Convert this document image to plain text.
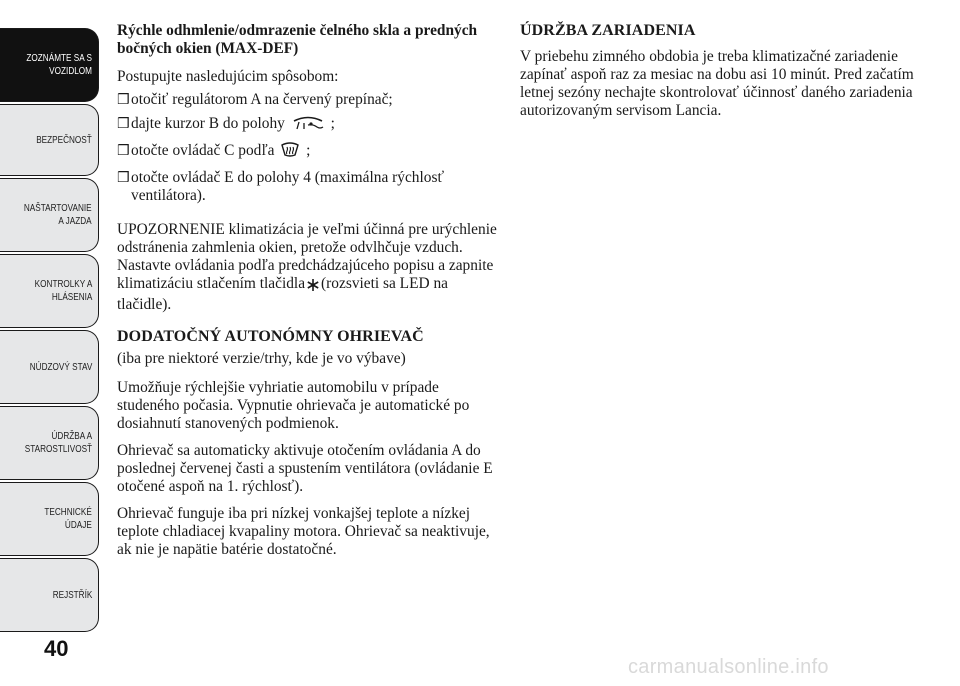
ZOZNÁMTE SA S
VOZIDLOM
BEZPEČNOSŤ
NAŠTARTOVANIE
A JAZDA
KONTROLKY A
HLÁSENIA
NÚDZOVÝ STAV
ÚDRŽBA A
STAROSTLIVOSŤ
TECHNICKÉ
ÚDAJE
REJSTŘÍK
40

Rýchle odhmlenie/odmrazenie čelného skla a predných bočných okien (MAX-DEF)

Postupujte nasledujúcim spôsobom:

❒ otočiť regulátorom A na červený prepínač;
❒ dajte kurzor B do polohy	;
❒ otočte ovládač C podľa ;
❒ otočte ovládač E do polohy 4 (maximálna rýchlosť ventilátora).

UPOZORNENIE klimatizácia je veľmi účinná pre urýchlenie odstránenia zahmlenia okien, pretože odvlhčuje vzduch. Nastavte ovládania podľa predchádzajúceho popisu a zapnite klimatizáciu stlačením tlačidla (rozsvieti sa LED na tlačidle).

DODATOČNÝ AUTONÓMNY OHRIEVAČ

(iba pre niektoré verzie/trhy, kde je vo výbave)

Umožňuje rýchlejšie vyhriatie automobilu v prípade studeného počasia. Vypnutie ohrievača je automatické po dosiahnutí stanovených podmienok.

Ohrievač sa automaticky aktivuje otočením ovládania A do poslednej červenej časti a spustením ventilátora (ovládanie E otočené aspoň na 1. rýchlosť).

Ohrievač funguje iba pri nízkej vonkajšej teplote a nízkej teplote chladiacej kvapaliny motora. Ohrievač sa neaktivuje, ak nie je napätie batérie dostatočné.

ÚDRŽBA ZARIADENIA

V priebehu zimného obdobia je treba klimatizačné zariadenie zapínať aspoň raz za mesiac na dobu asi 10 minút. Pred začatím letnej sezóny nechajte skontrolovať účinnosť daného zariadenia autorizovaným servisom Lancia.

carmanualsonline.info
